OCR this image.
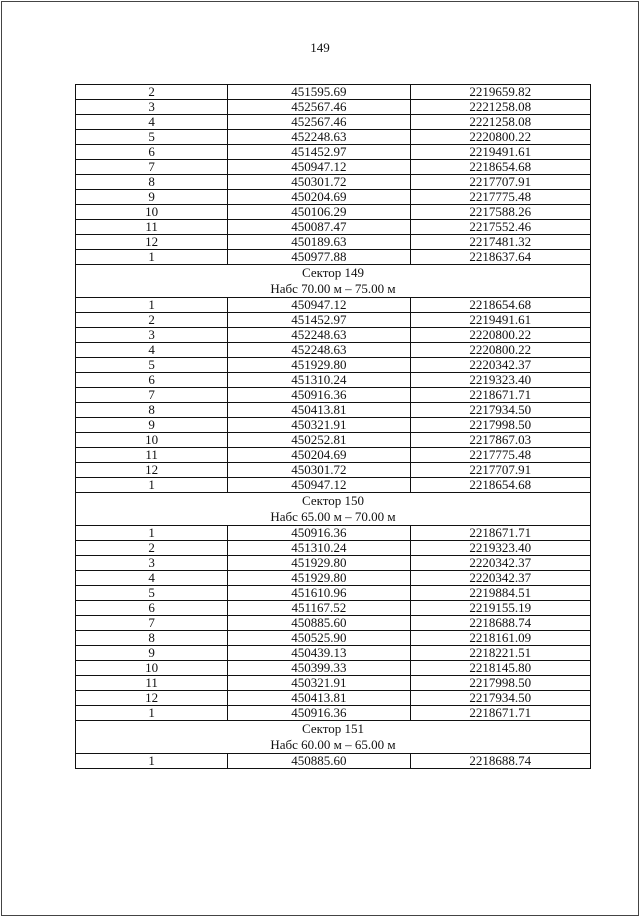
149
2	451595.69	2219659.82
3	452567.46	2221258.08
4	452567.46	2221258.08
5	452248.63	2220800.22
6	451452.97	2219491.61
7	450947.12	2218654.68
8	450301.72	2217707.91
9	450204.69	2217775.48
10	450106.29	2217588.26
11	450087.47	2217552.46
12	450189.63	2217481.32
1	450977.88	2218637.64
Сектор 149		
Набс 70.00 м – 75.00 м		
1	450947.12	2218654.68
2	451452.97	2219491.61
3	452248.63	2220800.22
4	452248.63	2220800.22
5	451929.80	2220342.37
6	451310.24	2219323.40
7	450916.36	2218671.71
8	450413.81	2217934.50
9	450321.91	2217998.50
10	450252.81	2217867.03
11	450204.69	2217775.48
12	450301.72	2217707.91
1	450947.12	2218654.68
Сектор 150		
Набс 65.00 м – 70.00 м		
1	450916.36	2218671.71
2	451310.24	2219323.40
3	451929.80	2220342.37
4	451929.80	2220342.37
5	451610.96	2219884.51
6	451167.52	2219155.19
7	450885.60	2218688.74
8	450525.90	2218161.09
9	450439.13	2218221.51
10	450399.33	2218145.80
11	450321.91	2217998.50
12	450413.81	2217934.50
1	450916.36	2218671.71
Сектор 151		
Набс 60.00 м – 65.00 м		
1	450885.60	2218688.74
